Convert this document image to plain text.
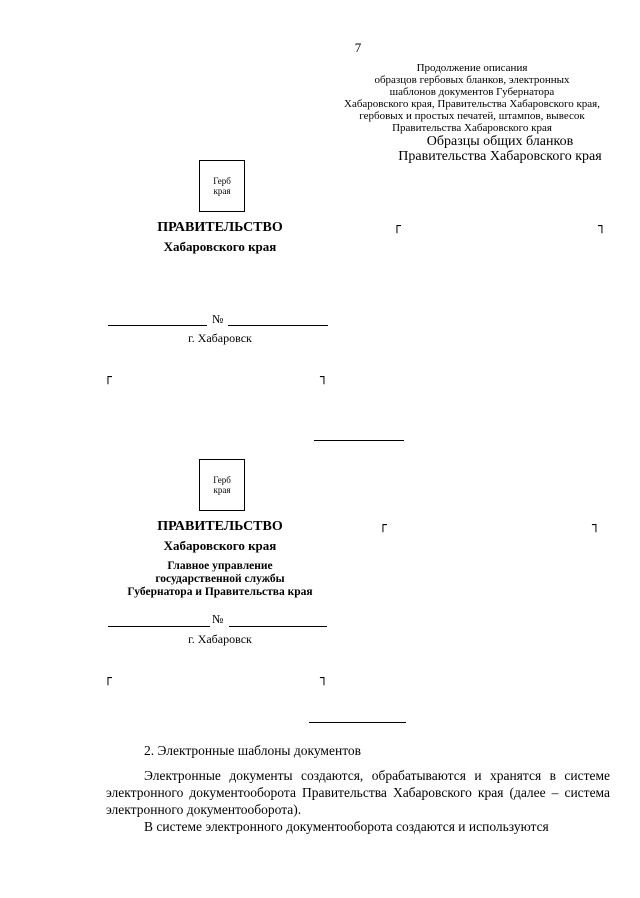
7
Продолжение описания
образцов гербовых бланков, электронных
шаблонов документов Губернатора
Хабаровского края, Правительства Хабаровского края,
гербовых и простых печатей, штампов, вывесок
Правительства Хабаровского края
Образцы общих бланков
Правительства Хабаровского края
Герб
края
ПРАВИТЕЛЬСТВО
Хабаровского края
┌	┐
№
г. Хабаровск
┌	┐
Герб
края
ПРАВИТЕЛЬСТВО
Хабаровского края
Главное управление
государственной службы
Губернатора и Правительства края
┌	┐
№
г. Хабаровск
┌	┐
2. Электронные шаблоны документов

Электронные документы создаются, обрабатываются и хранятся в системе электронного документооборота Правительства Хабаровского края (далее – система электронного документооборота).

В системе электронного документооборота создаются и используются
